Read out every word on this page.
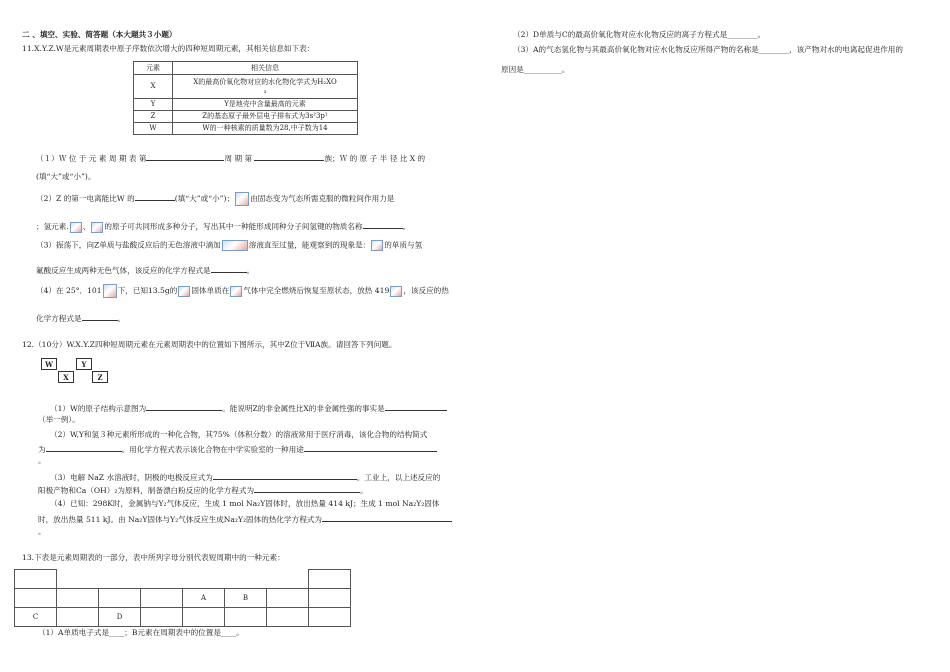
二 、填空、实验、简答题（本大题共３小题）
11.X.Y.Z.W是元素周期表中原子序数依次增大的四种短周期元素，其相关信息如下表：
元素	相关信息
X	X的最高价氧化物对应的水化物化学式为H₂XO
₃
Y	Y是地壳中含量最高的元素
Z	Z的基态原子最外层电子排布式为3s²3p¹
W	W的一种核素的质量数为28,中子数为14
（１）Ｗ 位 于 元 素 周 期 表 第	周 期 第	族；Ｗ 的 原 子 半 径 比 X 的
(填“大”或“小”)。
（2）Z 的第一电离能比W 的	(填“大”或“小”)； 由固态变为气态所需克服的微粒间作用力是
；氢元素. 、 的原子可共同形成多种分子，写出其中一种能形成同种分子间氢键的物质名称	。
（3）振荡下，向Z单质与盐酸反应后的无色溶液中滴加	溶液直至过量，能观察到的现象是： 的单质与氢
氟酸反应生成两种无色气体，该反应的化学方程式是	。
（4）在 25°．101 下，已知13.5g的 固体单质在 气体中完全燃烧后恢复至原状态，放热 419 ，该反应的热
化学方程式是	。
12.（10分）W.X.Y.Z四种短周期元素在元素周期表中的位置如下图所示，其中Z位于ⅦA族。请回答下列问题。
W	Y
X	Z
（1）W的原子结构示意图为	。能说明Z的非金属性比X的非金属性强的事实是
（举一例）。
（2）W,Y和氢３种元素所形成的一种化合物，其75%（体积分数）的溶液常用于医疗消毒，该化合物的结构简式
为	。用化学方程式表示该化合物在中学实验室的一种用途
。
（3）电解 NaZ 水溶液时，阴极的电极反应式为	。工业上，以上述反应的
阳极产物和Ca（OH）₂为原料，制备漂白粉反应的化学方程式为	。
（4）已知：298K时，金属钠与Y₂气体反应，生成 1 mol Na₂Y固体时，放出热量 414 kJ；生成 1 mol Na₂Y₂固体
时，放出热量 511 kJ。由 Na₂Y固体与Y₂气体反应生成Na₂Y₂固体的热化学方程式为
。
13.下表是元素周期表的一部分，表中所列字母分别代表短周期中的一种元素：

				A	B		
C		D					
（1）A单质电子式是____；B元素在周期表中的位置是____。
（2）D单质与C的最高价氧化物对应水化物反应的离子方程式是________。
（3）A的气态氢化物与其最高价氧化物对应水化物反应所得产物的名称是________，该产物对水的电离起促进作用的
原因是__________。
